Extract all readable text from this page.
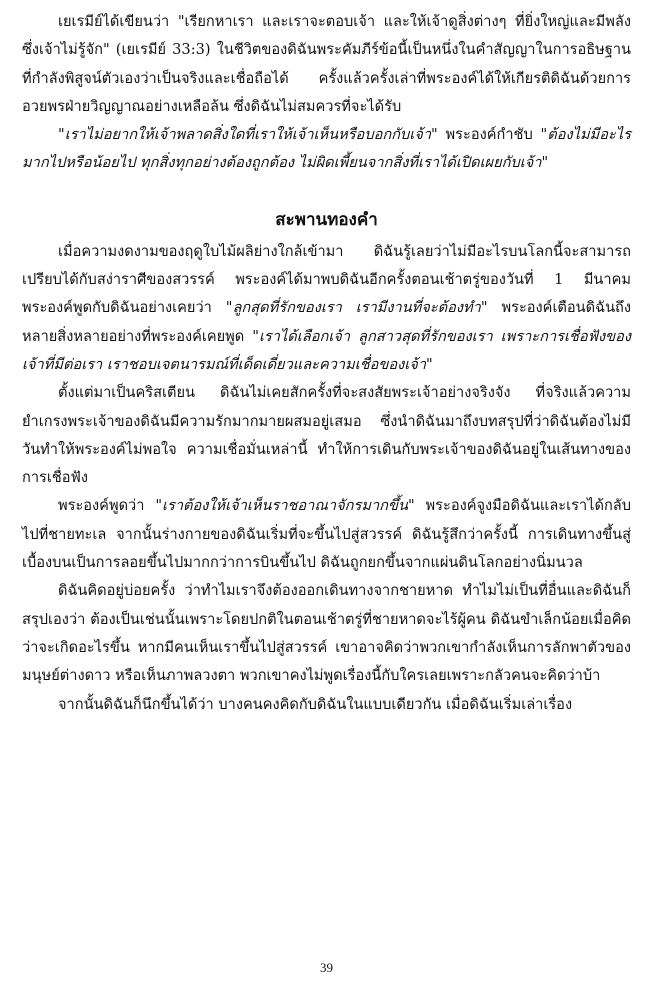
เยเรมีย์ได้เขียนว่า "เรียกหาเรา และเราจะตอบเจ้า และให้เจ้าดูสิ่งต่างๆ ที่ยิ่งใหญ่และมีพลัง ซึ่งเจ้าไม่รู้จัก" (เยเรมีย์ 33:3) ในชีวิตของดิฉันพระคัมภีร์ข้อนี้เป็นหนึ่งในคำสัญญาในการอธิษฐานที่กำลังพิสูจน์ตัวเองว่าเป็นจริงและเชื่อถือได้ ครั้งแล้วครั้งเล่าที่พระองค์ได้ให้เกียรติดิฉันด้วยการอวยพรฝ่ายวิญญาณอย่างเหลือล้น ซึ่งดิฉันไม่สมควรที่จะได้รับ

"เราไม่อยากให้เจ้าพลาดสิ่งใดที่เราให้เจ้าเห็นหรือบอกกับเจ้า" พระองค์กำชับ "ต้องไม่มีอะไรมากไปหรือน้อยไป ทุกสิ่งทุกอย่างต้องถูกต้อง ไม่ผิดเพี้ยนจากสิ่งที่เราได้เปิดเผยกับเจ้า"

สะพานทองคำ

เมื่อความงดงามของฤดูใบไม้ผลิย่างใกล้เข้ามา ดิฉันรู้เลยว่าไม่มีอะไรบนโลกนี้จะสามารถเปรียบได้กับสง่าราศีของสวรรค์ พระองค์ได้มาพบดิฉันอีกครั้งตอนเช้าตรู่ของวันที่ 1 มีนาคม พระองค์พูดกับดิฉันอย่างเคยว่า "ลูกสุดที่รักของเรา เรามีงานที่จะต้องทำ" พระองค์เตือนดิฉันถึงหลายสิ่งหลายอย่างที่พระองค์เคยพูด "เราได้เลือกเจ้า ลูกสาวสุดที่รักของเรา เพราะการเชื่อฟังของเจ้าที่มีต่อเรา เราชอบเจตนารมณ์ที่เด็ดเดี่ยวและความเชื่อของเจ้า"

ตั้งแต่มาเป็นคริสเตียน ดิฉันไม่เคยสักครั้งที่จะสงสัยพระเจ้าอย่างจริงจัง ที่จริงแล้วความยำเกรงพระเจ้าของดิฉันมีความรักมากมายผสมอยู่เสมอ ซึ่งนำดิฉันมาถึงบทสรุปที่ว่าดิฉันต้องไม่มีวันทำให้พระองค์ไม่พอใจ ความเชื่อมั่นเหล่านี้ ทำให้การเดินกับพระเจ้าของดิฉันอยู่ในเส้นทางของการเชื่อฟัง

พระองค์พูดว่า "เราต้องให้เจ้าเห็นราชอาณาจักรมากขึ้น" พระองค์จูงมือดิฉันและเราได้กลับไปที่ชายทะเล จากนั้นร่างกายของดิฉันเริ่มที่จะขึ้นไปสู่สวรรค์ ดิฉันรู้สึกว่าครั้งนี้ การเดินทางขึ้นสู่เบื้องบนเป็นการลอยขึ้นไปมากกว่าการบินขึ้นไป ดิฉันถูกยกขึ้นจากแผ่นดินโลกอย่างนิ่มนวล

ดิฉันคิดอยู่บ่อยครั้ง ว่าทำไมเราจึงต้องออกเดินทางจากชายหาด ทำไมไม่เป็นที่อื่นและดิฉันก็สรุปเองว่า ต้องเป็นเช่นนั้นเพราะโดยปกติในตอนเช้าตรู่ที่ชายหาดจะไร้ผู้คน ดิฉันขำเล็กน้อยเมื่อคิดว่าจะเกิดอะไรขึ้น หากมีคนเห็นเราขึ้นไปสู่สวรรค์ เขาอาจคิดว่าพวกเขากำลังเห็นการลักพาตัวของมนุษย์ต่างดาว หรือเห็นภาพลวงตา พวกเขาคงไม่พูดเรื่องนี้กับใครเลยเพราะกลัวคนจะคิดว่าบ้า

จากนั้นดิฉันก็นึกขึ้นได้ว่า บางคนคงคิดกับดิฉันในแบบเดียวกัน เมื่อดิฉันเริ่มเล่าเรื่อง

39
